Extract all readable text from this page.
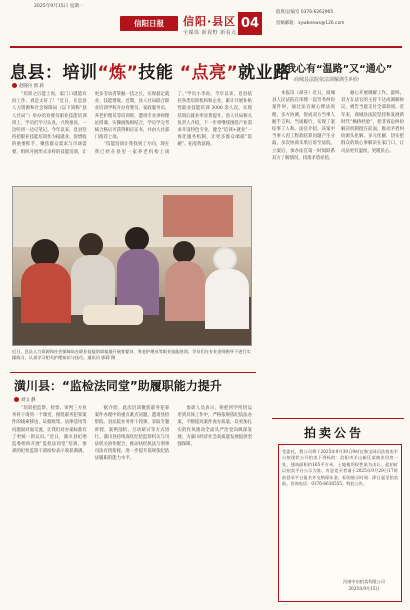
2025年9月15日 星期一
信阳日报	信阳·县区
全媒体 新视野 新看点
04
值班/总编室 0376-6262965
投稿邮箱：xywbnews@126.com
息县：培训“炼”技能 “点亮”就业路
赵晓丹 郭 莉

“培训之后能上岗，家门口就能有份工作，真是太好了！”近日，在息县人力资源和社会保障局（以下简称“县人社局”）举办的育婴员职业技能培训班上，学员们学习认真、兴致很高，一边听讲一边记笔记。今年以来，息县坚持把职业技能培训作为稳就业、促增收的重要抓手，聚焦群众需求与市场需要，组织开展形式多样的技能培训，让更多劳动者掌握一技之长，实现稳定就业、技能增收。近期，县人社局联合职业培训学校开办育婴员、家政服务员、养老护理员等培训班，邀请专业讲师理论授课、实操演练相结合，学员学完考核合格后可获得相应证书，并由人社部门推荐上岗。

“技能培训让我找到了方向，现在我已经在县里一家养老机构上岗了。”学员小李说。今年以来，息县依托各类培训机构和企业，累计开展补贴性职业技能培训 3000 余人次，实现培训后就业率显著提升。县人社局相关负责人介绍，下一步将继续围绕产业需求开设特色专业，健全“培训+就业”一体化服务机制，让更多群众端稳“饭碗”、拓宽致富路。

近日，息县人力资源和社会保障局在职业技能培训基地开展育婴员、养老护理员等职业技能培训，学员们在专业老师指导下进行实操练习，认真学习相关护理知识与技巧。通讯员 郭莉 摄
潢川县：“监检法同堂”助履职能力提升
刘文 静

“培训把监察、检察、审判三方业务骨干请到一个课堂，围绕职务犯罪案件的线索移送、证据收集、法律适用等问题面对面交流，让我们对办案标准有了更统一的认识。”近日，潢川县纪委监委组织开展“监检法同堂”培训，参训的纪检监察干部纷纷表示收获满满。

据介绍，此次培训聚焦职务犯罪案件办理中的重点难点问题，邀请县检察院、县法院业务骨干授课，采取专题讲授、案例剖析、互动研讨等方式进行。潢川县持续深化纪检监察机关与司法机关协作配合，推动执纪执法与刑事司法有机衔接，进一步提升依规依纪依法履职的能力水平。

参训人员表示，将把所学所悟运用到具体工作中，严格依规依纪依法办案，不断提高案件查办质量，以更加扎实的作风推动全面从严治党向纵深发展，为潢川经济社会高质量发展提供坚强保障。

让我心有“温路”又“通心”
商城县法院依法调解满生纠纷

本报讯（胡芬）近日，商城县人民法院在审理一起劳务纠纷案件时，通过法官耐心释法说理、多方协调，促成双方当事人握手言和、当场履行，实现了案结事了人和。法官介绍，该案中当事人因工程款结算问题产生分歧，多次协商未果后诉至法院。立案后，承办法官第一时间联系双方了解情况，找准矛盾症结，

耐心开展调解工作。最终，双方在法官的主持下达成调解协议，被告当庭支付全部款项。近年来，商城县法院坚持和发展新时代“枫桥经验”，把非诉讼纠纷解决机制挺在前面，推动矛盾纠纷源头化解、多元化解，切实把群众的烦心事解决在家门口，让司法更有温度、更暖民心。

拍卖公告
受委托，我公司将于2025年9月30日9时在淘宝网司法拍卖平台按现状公开拍卖下列标的：信阳市羊山新区某商业用房一处，建筑面积约165平方米，土地使用权性质为出让。起拍价以拍卖平台公示为准。有意竞买者请于2025年9月29日17时前登录平台报名并交纳保证金。标的展示时间：即日起至拍卖前。咨询电话：0376-6636555。特此公告。
河南中启拍卖有限公司
2025年9月15日
